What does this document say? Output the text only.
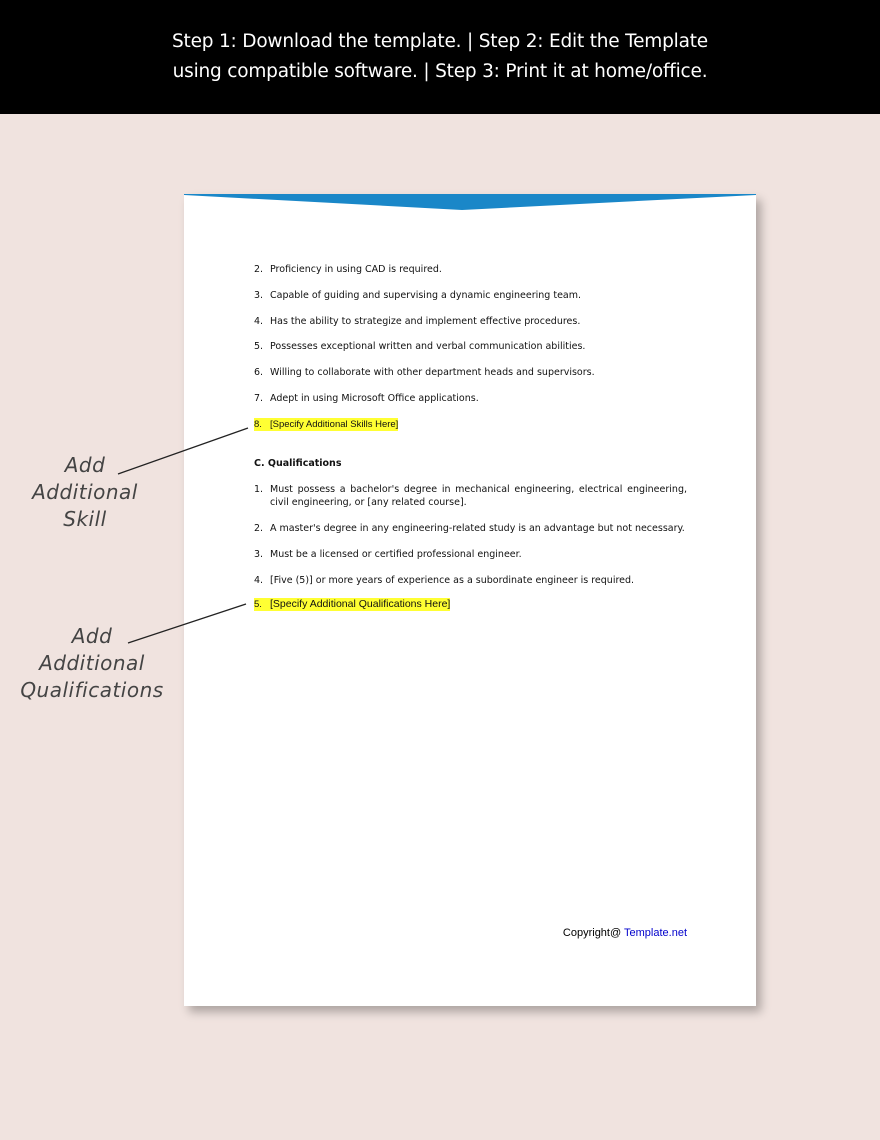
Step 1: Download the template. | Step 2: Edit the Template
using compatible software. | Step 3: Print it at home/office.
2. Proficiency in using CAD is required.
3. Capable of guiding and supervising a dynamic engineering team.
4. Has the ability to strategize and implement effective procedures.
5. Possesses exceptional written and verbal communication abilities.
6. Willing to collaborate with other department heads and supervisors.
7. Adept in using Microsoft Office applications.
8. [Specify Additional Skills Here]
C. Qualifications
1. Must possess a bachelor's degree in mechanical engineering, electrical engineering, civil engineering, or [any related course].
2. A master's degree in any engineering-related study is an advantage but not necessary.
3. Must be a licensed or certified professional engineer.
4. [Five (5)] or more years of experience as a subordinate engineer is required.
5. [Specify Additional Qualifications Here]
Copyright@ Template.net
Add
Additional
Skill
Add
Additional
Qualifications
